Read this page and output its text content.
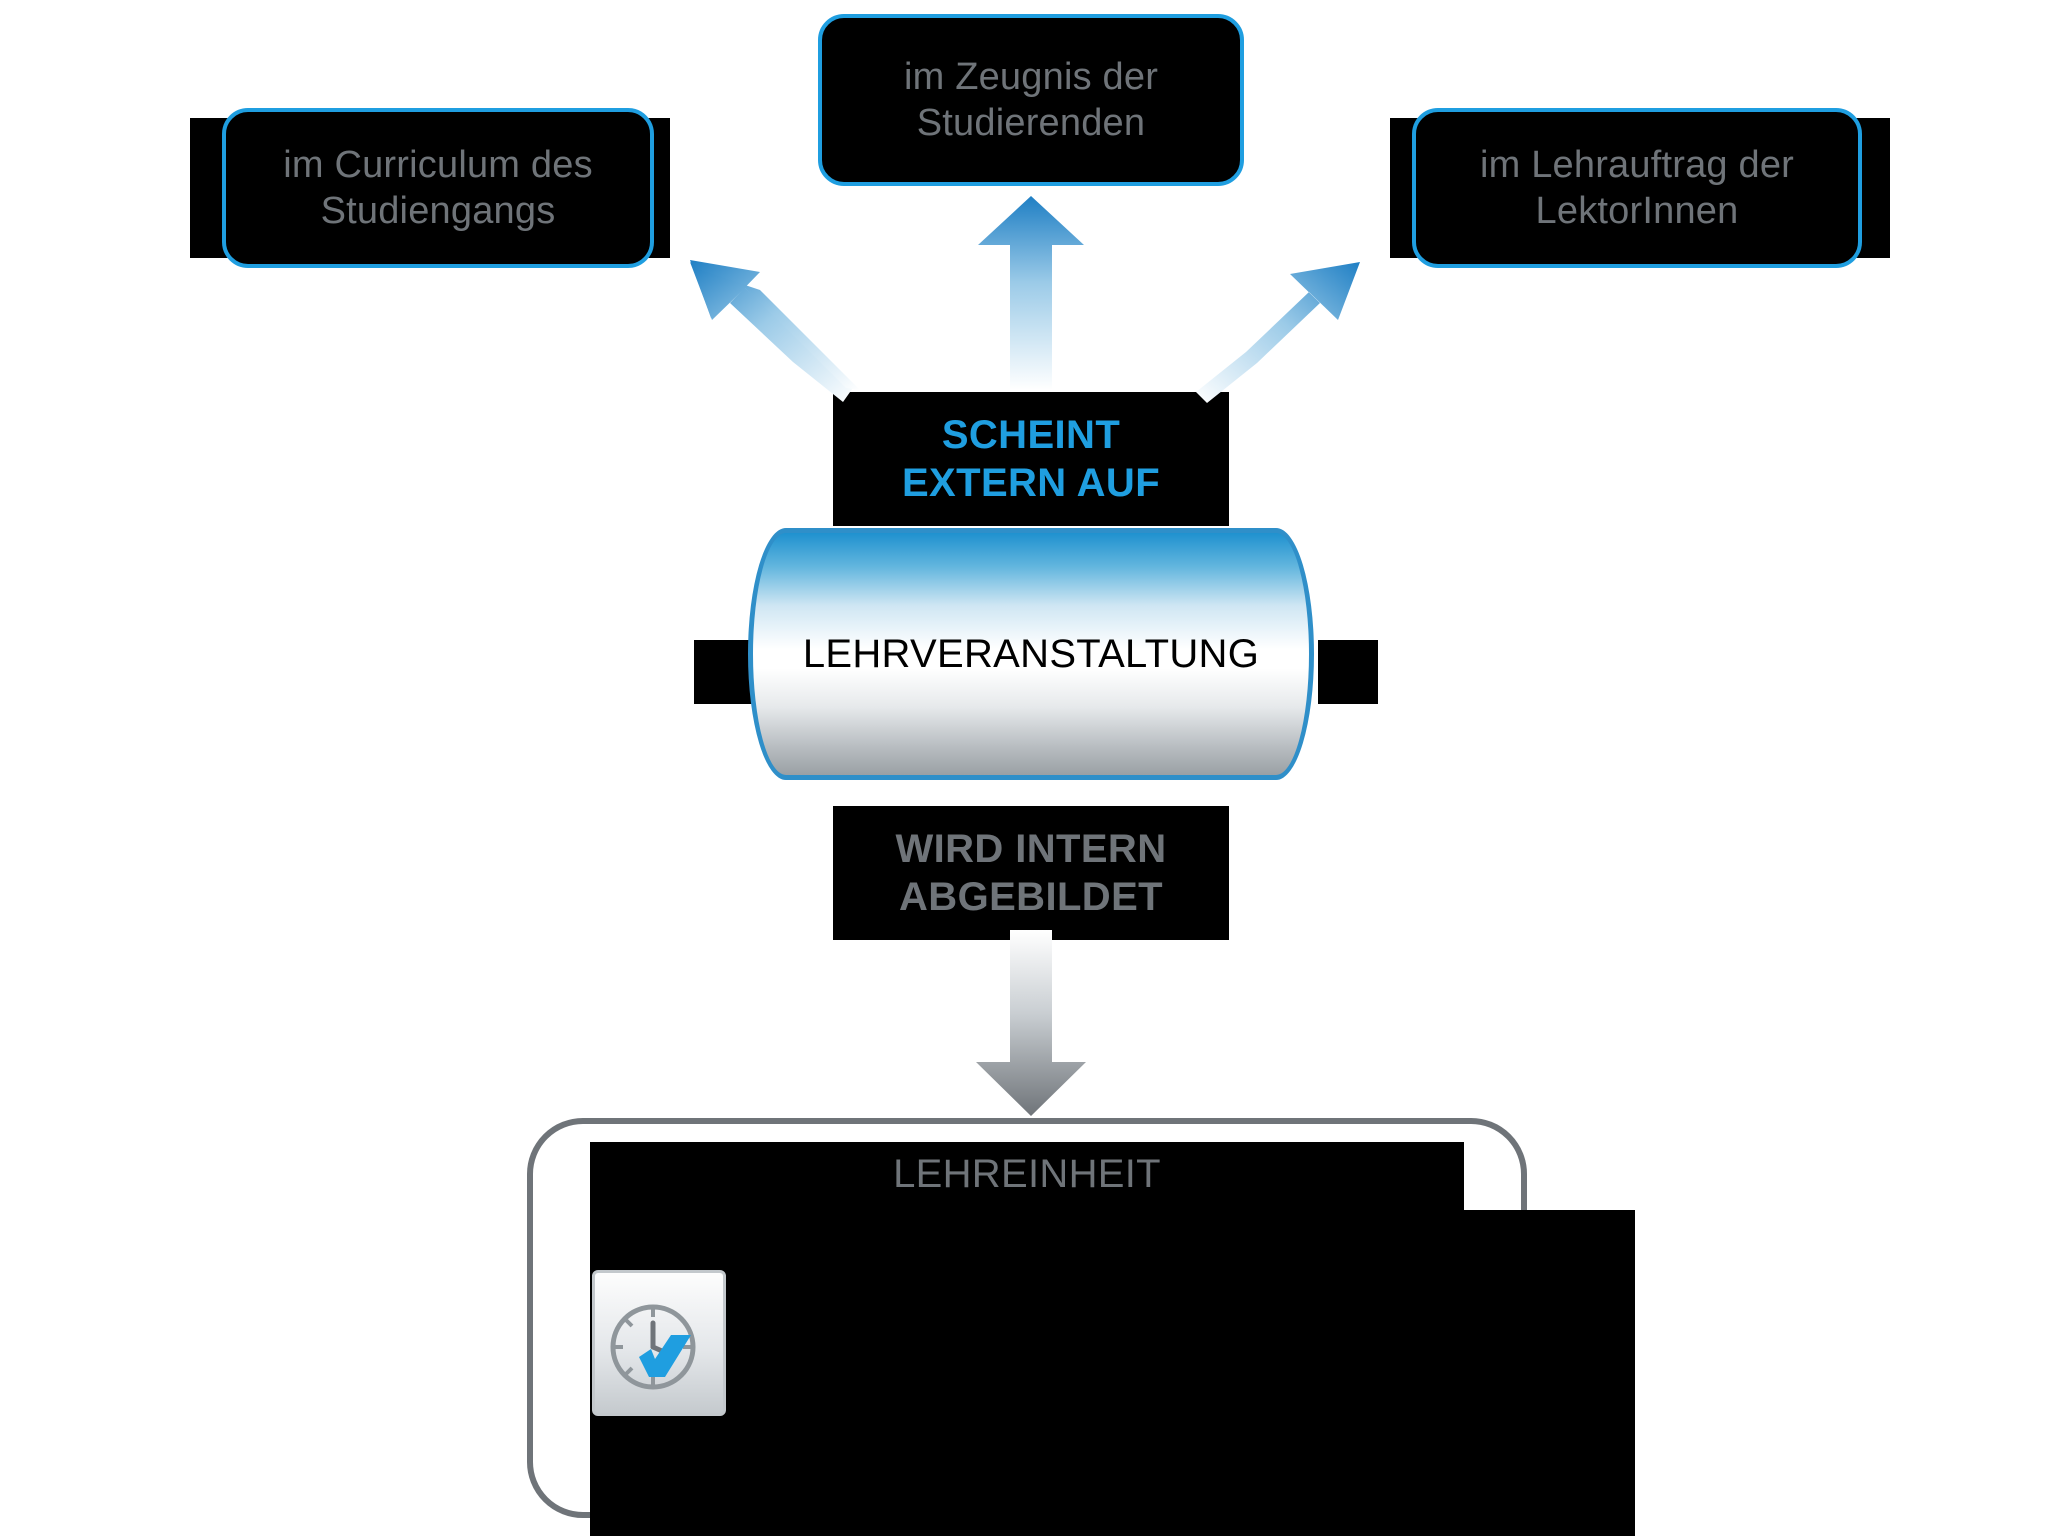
im Curriculum des
Studiengangs
im Zeugnis der
Studierenden
im Lehrauftrag der
LektorInnen
SCHEINT
EXTERN AUF
LEHRVERANSTALTUNG
WIRD INTERN
ABGEBILDET
LEHREINHEIT
